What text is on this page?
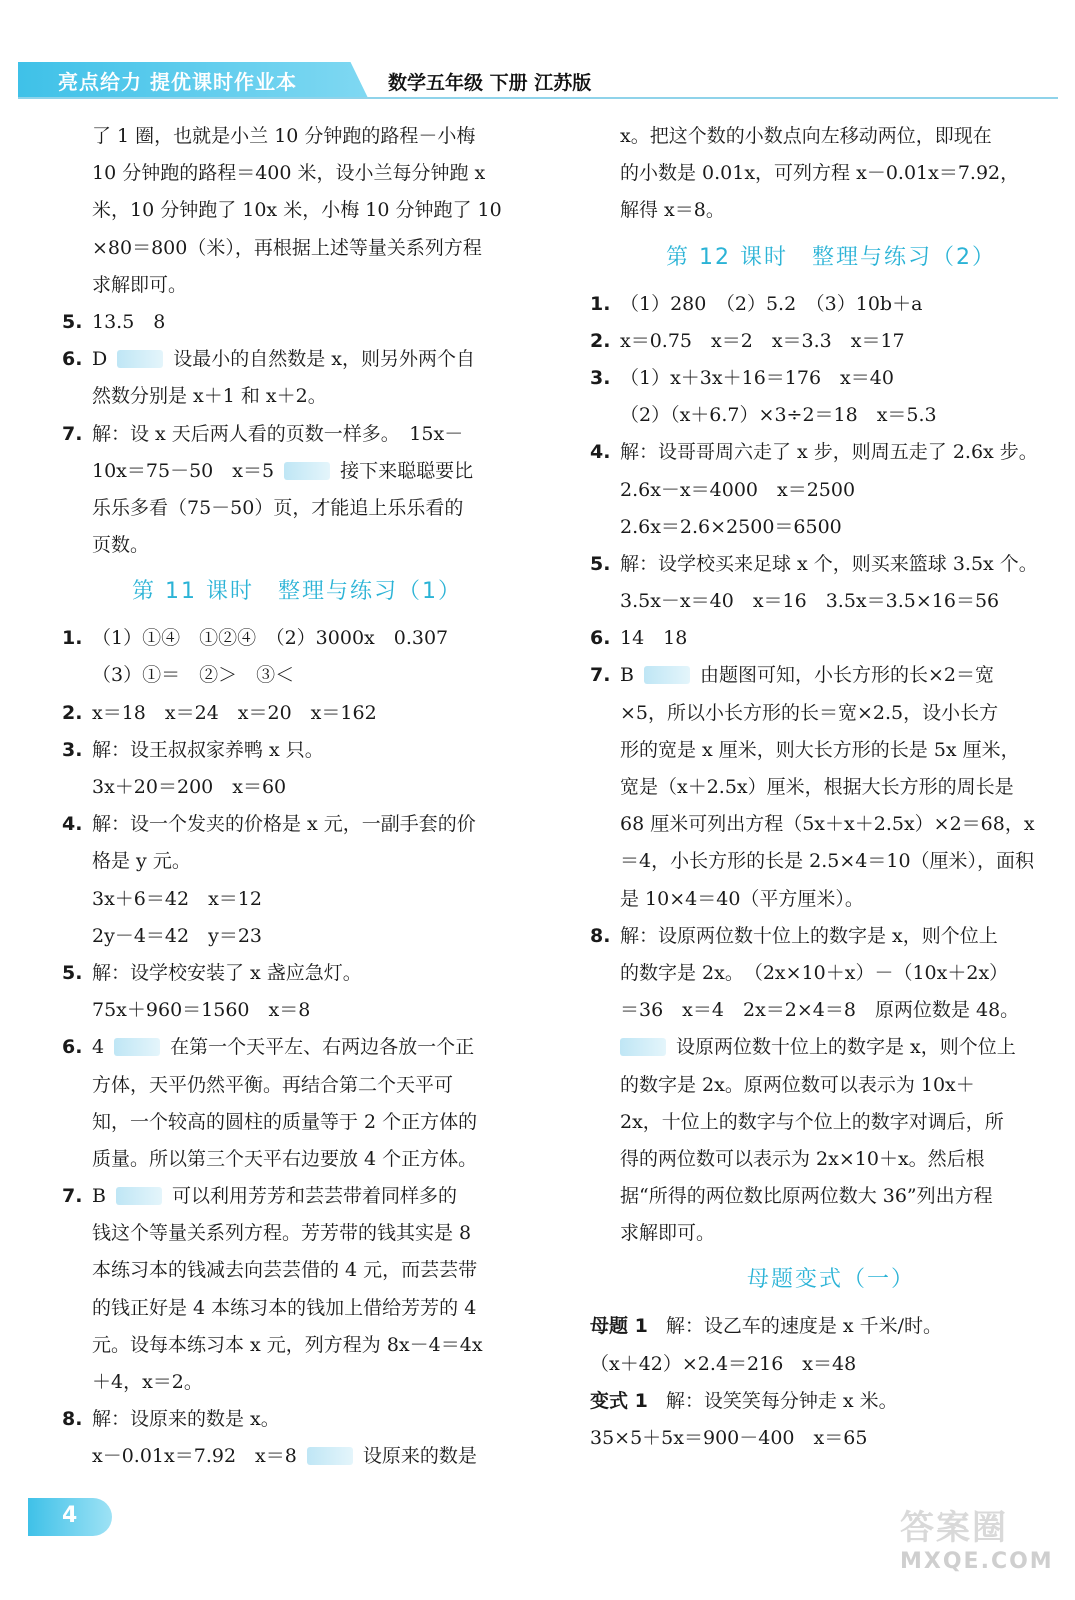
亮点给力 提优课时作业本	数学五年级 下册 江苏版
了 1 圈，也就是小兰 10 分钟跑的路程－小梅
10 分钟跑的路程＝400 米，设小兰每分钟跑 x
米，10 分钟跑了 10x 米，小梅 10 分钟跑了 10
×80＝800（米），再根据上述等量关系列方程
求解即可。
5. 13.5　8
6. D	设最小的自然数是 x，则另外两个自
然数分别是 x＋1 和 x＋2。
7. 解：设 x 天后两人看的页数一样多。　15x－
10x＝75－50　x＝5	接下来聪聪要比
乐乐多看（75－50）页，才能追上乐乐看的
页数。
第 11 课时　整理与练习（1）
1. （1）①④　①②④　（2）3000x　0.307
（3）①＝　②＞　③＜
2. x＝18　x＝24　x＝20　x＝162
3. 解：设王叔叔家养鸭 x 只。
3x＋20＝200　x＝60
4. 解：设一个发夹的价格是 x 元，一副手套的价
格是 y 元。
3x＋6＝42　x＝12
2y－4＝42　y＝23
5. 解：设学校安装了 x 盏应急灯。
75x＋960＝1560　x＝8
6. 4	在第一个天平左、右两边各放一个正
方体，天平仍然平衡。再结合第二个天平可
知，一个较高的圆柱的质量等于 2 个正方体的
质量。所以第三个天平右边要放 4 个正方体。
7. B	可以利用芳芳和芸芸带着同样多的
钱这个等量关系列方程。芳芳带的钱其实是 8
本练习本的钱减去向芸芸借的 4 元，而芸芸带
的钱正好是 4 本练习本的钱加上借给芳芳的 4
元。设每本练习本 x 元，列方程为 8x－4＝4x
＋4，x＝2。
8. 解：设原来的数是 x。
x－0.01x＝7.92　x＝8	设原来的数是
x。把这个数的小数点向左移动两位，即现在
的小数是 0.01x，可列方程 x－0.01x＝7.92，
解得 x＝8。
第 12 课时　整理与练习（2）
1. （1）280　（2）5.2　（3）10b＋a
2. x＝0.75　x＝2　x＝3.3　x＝17
3. （1）x＋3x＋16＝176　x＝40
（2）（x＋6.7）×3÷2＝18　x＝5.3
4. 解：设哥哥周六走了 x 步，则周五走了 2.6x 步。
2.6x－x＝4000　x＝2500
2.6x＝2.6×2500＝6500
5. 解：设学校买来足球 x 个，则买来篮球 3.5x 个。
3.5x－x＝40　x＝16　3.5x＝3.5×16＝56
6. 14　18
7. B	由题图可知，小长方形的长×2＝宽
×5，所以小长方形的长＝宽×2.5，设小长方
形的宽是 x 厘米，则大长方形的长是 5x 厘米，
宽是（x＋2.5x）厘米，根据大长方形的周长是
68 厘米可列出方程（5x＋x＋2.5x）×2＝68，x
＝4，小长方形的长是 2.5×4＝10（厘米），面积
是 10×4＝40（平方厘米）。
8. 解：设原两位数十位上的数字是 x，则个位上
的数字是 2x。　（2x×10＋x）－（10x＋2x）
＝36　x＝4　2x＝2×4＝8　原两位数是 48。
设原两位数十位上的数字是 x，则个位上
的数字是 2x。原两位数可以表示为 10x＋
2x，十位上的数字与个位上的数字对调后，所
得的两位数可以表示为 2x×10＋x。然后根
据“所得的两位数比原两位数大 36”列出方程
求解即可。
母题变式（一）
母题 1 解：设乙车的速度是 x 千米/时。
（x＋42）×2.4＝216　x＝48
变式 1 解：设笑笑每分钟走 x 米。
35×5＋5x＝900－400　x＝65
4	答案圈
MXQE.COM
